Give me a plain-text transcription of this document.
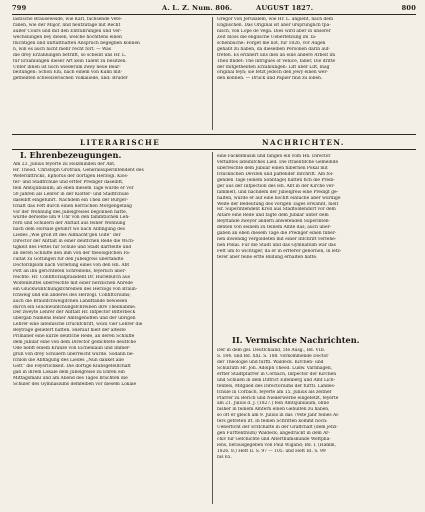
799	A. L. Z. Num. 806.	AUGUST 1827.	800
lastische Brauseweide, wie Karl, fachsende Vete-
ranen, wie der Major, lind heutzutage mit Recht
außer Cours und mit den Entführungen und Ver-
wechslungen bey dieien, welche höchftens einen
flüchtigen und unftatthaften Anspruch begegnen können
n, will es auch nicht mehr recht fort. — Was
die drey Erzählungen betrifft, so scheint uns Hr. L.
für Erzählungen dieser Art kein Talent zu besitzen.
Unter ihnen ist noch wiederum zwey neue Bear-
beitungen: Schön Eßi, nach einem von Kuhn mit-
getheilten schweizerischen Volkaliede, und: Bruder
Gregor von Jerusalem, wie Hr. L. angieht, nach dem
Englischen. Das Original ist aber ursprünglich fpa-
nisch, von Lope de Vega. Dies wird aber in unserer
Zeit bloss die englische Ueberfetzung im Ta-
schenbuche: Forget me not, für 1826, vor Augen
gehabt zu haben, da dieselben Personen darin auf-
treten. Es erinnert uns dies an eine andere Arbeit im
Theil findet: The intrigues of Venice, faßer, Die dritte
der mitgetheilten Erzählungen: Lift über Lift, mag
original feyn; sie fetzt jedoch den jewy einen wer-
den können. — Druck und Papier find zu loben.
LITERARISCHE	NACHRICHTEN.
I. Ehrenbezeugungen.
II. Vermischte Nachrichten.
Am 23. Junius feyerte zu Holzminden der Abt,
Hr. Theod. Christoph Grotrian, Generalsuperintendent des
Weferdiftricks, Ephorus der dortigen Herzogl. Klos-
ter- und Stadtfchule und erfter Prediger daselbft,
fein Amtsjubiläum; an eben diesem Tage wurde er vor
50 Jahren als Lehrer in der Klofter- und Stadtfchule
daselbft eingeführt. Nachdem ein Theil der Bürger-
fchaft das Feft durch einen herrlichen Morgengefang
vor der Wohnung des Jubelgreises begonnen hatte,
wurde derselbe um 9 Uhr von den fämmtlichen Leh-
rern und Schülern der Anftalt aus feiner Wohnung
nach dem Hörsale geführt wo nach Abfingung des
Liedes „Wie groß ift des Allmächt'gen Güte“ der
Director der Anftalt in einer deutfchen Rede die Wich-
tigkeit des Feftes für Schule und Stadt darftellte und
an deren Schluffe den ihm von der theologifchen Fa-
cultät zu Göttingen für den Jubelgreis überfandte
Doctordiplom nach Vorlefung eines von den Hn. Abt
Pott an ihn gerichteten Schreibens, feyerlich über-
reichte. Hr. Confiftorialpräsident Dr. Hurlebufch aus
Wolfenbüttel überreichte mit einer herzlichen Anrede
ein Glückwünfchungsfchreiben des Herzogs von Braun-
fchweig und ein anderes des Herzogl. Confiftoriums;
auch die Braunfchweigifchen Landftände bewiesen
durch ein Glückwünfchungsfchreiben ihre Theilnahme.
Der zweyte Lehrer der Anftalt Hr. Infpector Bitterbeck
übergab Namens feiner Amtsgenoffen und der übrigen
Lehrer eine lateinische Druckfchrift, wozu vier Lehrer die
Beyträge geliefert hatten. Hierauf hielt der älteste
Primaner eine kurze deutfche Rede, an deren Schluffe
dem Jubilar eine von dem Director gedichtete deutfche
Ode nebft einem Kranze von Eichenlaub und Immer-
grün von drey Schülern überreicht wurde. Sodann be-
fchloß die Abfingung des Liedes „Nun danket alle
Gott“ die Feyerlichkeit. Die dortige Klubsgefellfchaft
gab in ihrem Lokale dem Jubelgreise zu Ehren ein
Mittagsmahl und am Abend des Tages brachten die
Schüler des Gymnasiums demfelben vor diesem Lokale
eine Fackelmusik und fangen ein vom Hn. Director
verfaßtes lateinifches Lied. Die Ifraelitifche Gemeinde
überreichte dem Jubilar einen filbernen Pokal mit
fchicklichen Devifen und paffender Infchrift. Am fol-
genden Tage (einem Sonntage) hatten fich die Predi-
ger aus der Infpection des Hn. Abt in der Kirche ver-
fammelt, und nachdem der Jubelgreis eine Predigt ge-
halten, wurde er auf eine höchft einfache aber würdige
Weife der Bedeutung des vorigen Tages erwähnt, hielt
Hr. Superintendent Kroll aus Stadtoldendorf vor dem
Altare eine Rede und fagte dem Jubilar unter dem
Beyftande zweyer andern anwefenden Superinten-
denten von seinem zu feinem Amte das; auch über-
gaben an eben diesem Tage die Prediger einen filber-
nen inwendig vergoldeten mit einer Infchrift verfehe-
nen Pokal. Für die Stadt und das Gymnafium war das
Feft um fo wichtiger, da er in erfterer gebornen, in letz-
terer aber feine erfte Bildung erhalten hatte.
Der in dem gel. Deutfchland, 5te Ausg., Bd. VIII.
S. 184. und Bd. XXI. S. 188. vorkommende Doctor
der Theologie und fürftl. Waldeck. Kirchen- und
Schulrath Hr. Joh. Adolph Theod. Ludw. Varnhagen,
erfter Stadtpfarrer in Corbach, Infpector der Kirchen
und Schulen in dem Diftrict Eifenberg und Amt Lich-
tenfels, Mitglied des Directoriums der fürftl. Landes-
fchule in Corbach, feyerte am 15. Junius als zeither
Pfarrer zu Berich und Niederwerbe eingefetzt, feyerte
am 21. Julius d. J. (1827.) fein Amtsjubiläum, ohne
bisher in feinem Amtern einen Gehülfen zu haben,
so oft er gleich am 9. Julius in das 79ste Jahr feines Al-
ters getreten ift. In feinen Schriften kommt noch:
Ueberficht der Erzfchäfte in der Graffchaft (dem jetzi-
gen Fürftenthum) Waldeck; abgedruckt in dem Ar-
chiv für Gefchichte und Alterthumskunde Weftpha-
lens, herausgegeben von Paul Wigand; Bd. I. (Hamm,
1826. 8.) Heft II. S. 97 — 105. und Heft III. S. 99
bis 65.
